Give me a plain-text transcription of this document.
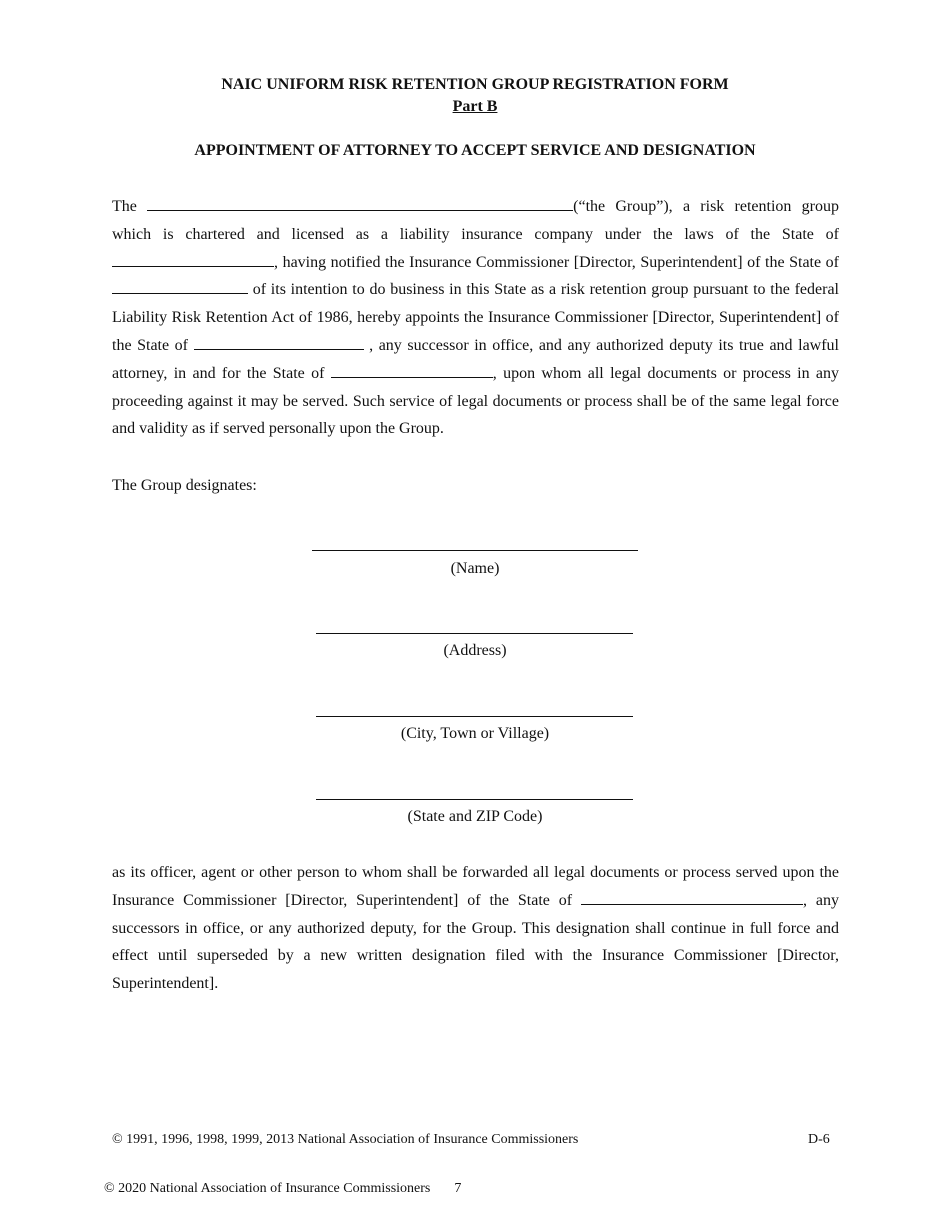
NAIC UNIFORM RISK RETENTION GROUP REGISTRATION FORM

Part B

APPOINTMENT OF ATTORNEY TO ACCEPT SERVICE AND DESIGNATION

The	(“the Group”), a risk retention group which is chartered and licensed as a liability insurance company under the laws of the State of , having notified the Insurance Commissioner [Director, Superintendent] of the State of  of its intention to do business in this State as a risk retention group pursuant to the federal Liability Risk Retention Act of 1986, hereby appoints the Insurance Commissioner [Director, Superintendent] of the State of	, any successor in office, and any authorized deputy its true and lawful attorney, in and for the State of	, upon whom all legal documents or process in any proceeding against it may be served. Such service of legal documents or process shall be of the same legal force and validity as if served personally upon the Group.

The Group designates:

(Name)

(Address)

(City, Town or Village)

(State and ZIP Code)

as its officer, agent or other person to whom shall be forwarded all legal documents or process served upon the Insurance Commissioner [Director, Superintendent] of the State of	, any successors in office, or any authorized deputy, for the Group. This designation shall continue in full force and effect until superseded by a new written designation filed with the Insurance Commissioner [Director, Superintendent].

© 1991, 1996, 1998, 1999, 2013 National Association of Insurance Commissioners	D-6

© 2020 National Association of Insurance Commissioners 7
